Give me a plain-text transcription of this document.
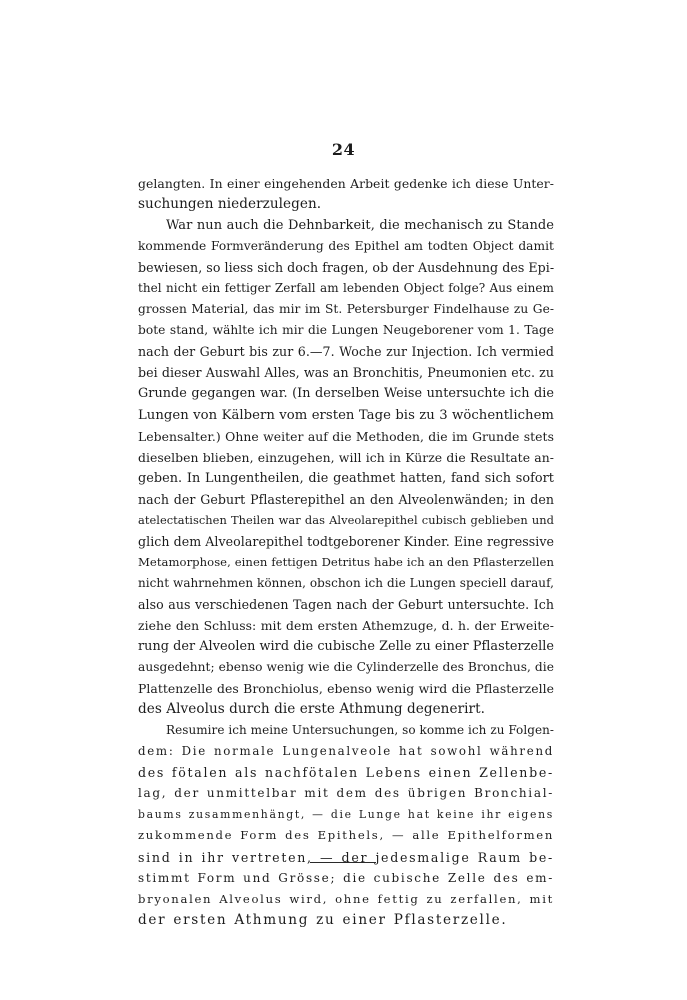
24
gelangten. In einer eingehenden Arbeit gedenke ich diese Unter-
suchungen niederzulegen.
War nun auch die Dehnbarkeit, die mechanisch zu Stande
kommende Formveränderung des Epithel am todten Object damit
bewiesen, so liess sich doch fragen, ob der Ausdehnung des Epi-
thel nicht ein fettiger Zerfall am lebenden Object folge? Aus einem
grossen Material, das mir im St. Petersburger Findelhause zu Ge-
bote stand, wählte ich mir die Lungen Neugeborener vom 1. Tage
nach der Geburt bis zur 6.—7. Woche zur Injection. Ich vermied
bei dieser Auswahl Alles, was an Bronchitis, Pneumonien etc. zu
Grunde gegangen war. (In derselben Weise untersuchte ich die
Lungen von Kälbern vom ersten Tage bis zu 3 wöchentlichem
Lebensalter.) Ohne weiter auf die Methoden, die im Grunde stets
dieselben blieben, einzugehen, will ich in Kürze die Resultate an-
geben. In Lungentheilen, die geathmet hatten, fand sich sofort
nach der Geburt Pflasterepithel an den Alveolenwänden; in den
atelectatischen Theilen war das Alveolarepithel cubisch geblieben und
glich dem Alveolarepithel todtgeborener Kinder. Eine regressive
Metamorphose, einen fettigen Detritus habe ich an den Pflasterzellen
nicht wahrnehmen können, obschon ich die Lungen speciell darauf,
also aus verschiedenen Tagen nach der Geburt untersuchte. Ich
ziehe den Schluss: mit dem ersten Athemzuge, d. h. der Erweite-
rung der Alveolen wird die cubische Zelle zu einer Pflasterzelle
ausgedehnt; ebenso wenig wie die Cylinderzelle des Bronchus, die
Plattenzelle des Bronchiolus, ebenso wenig wird die Pflasterzelle
des Alveolus durch die erste Athmung degenerirt.
Resumire ich meine Untersuchungen, so komme ich zu Folgen-
dem: Die normale Lungenalveole hat sowohl während
des fötalen als nachfötalen Lebens einen Zellenbe-
lag, der unmittelbar mit dem des übrigen Bronchial-
baums zusammenhängt, — die Lunge hat keine ihr eigens
zukommende Form des Epithels, — alle Epithelformen
sind in ihr vertreten, — der jedesmalige Raum be-
stimmt Form und Grösse; die cubische Zelle des em-
bryonalen Alveolus wird, ohne fettig zu zerfallen, mit
der ersten Athmung zu einer Pflasterzelle.
